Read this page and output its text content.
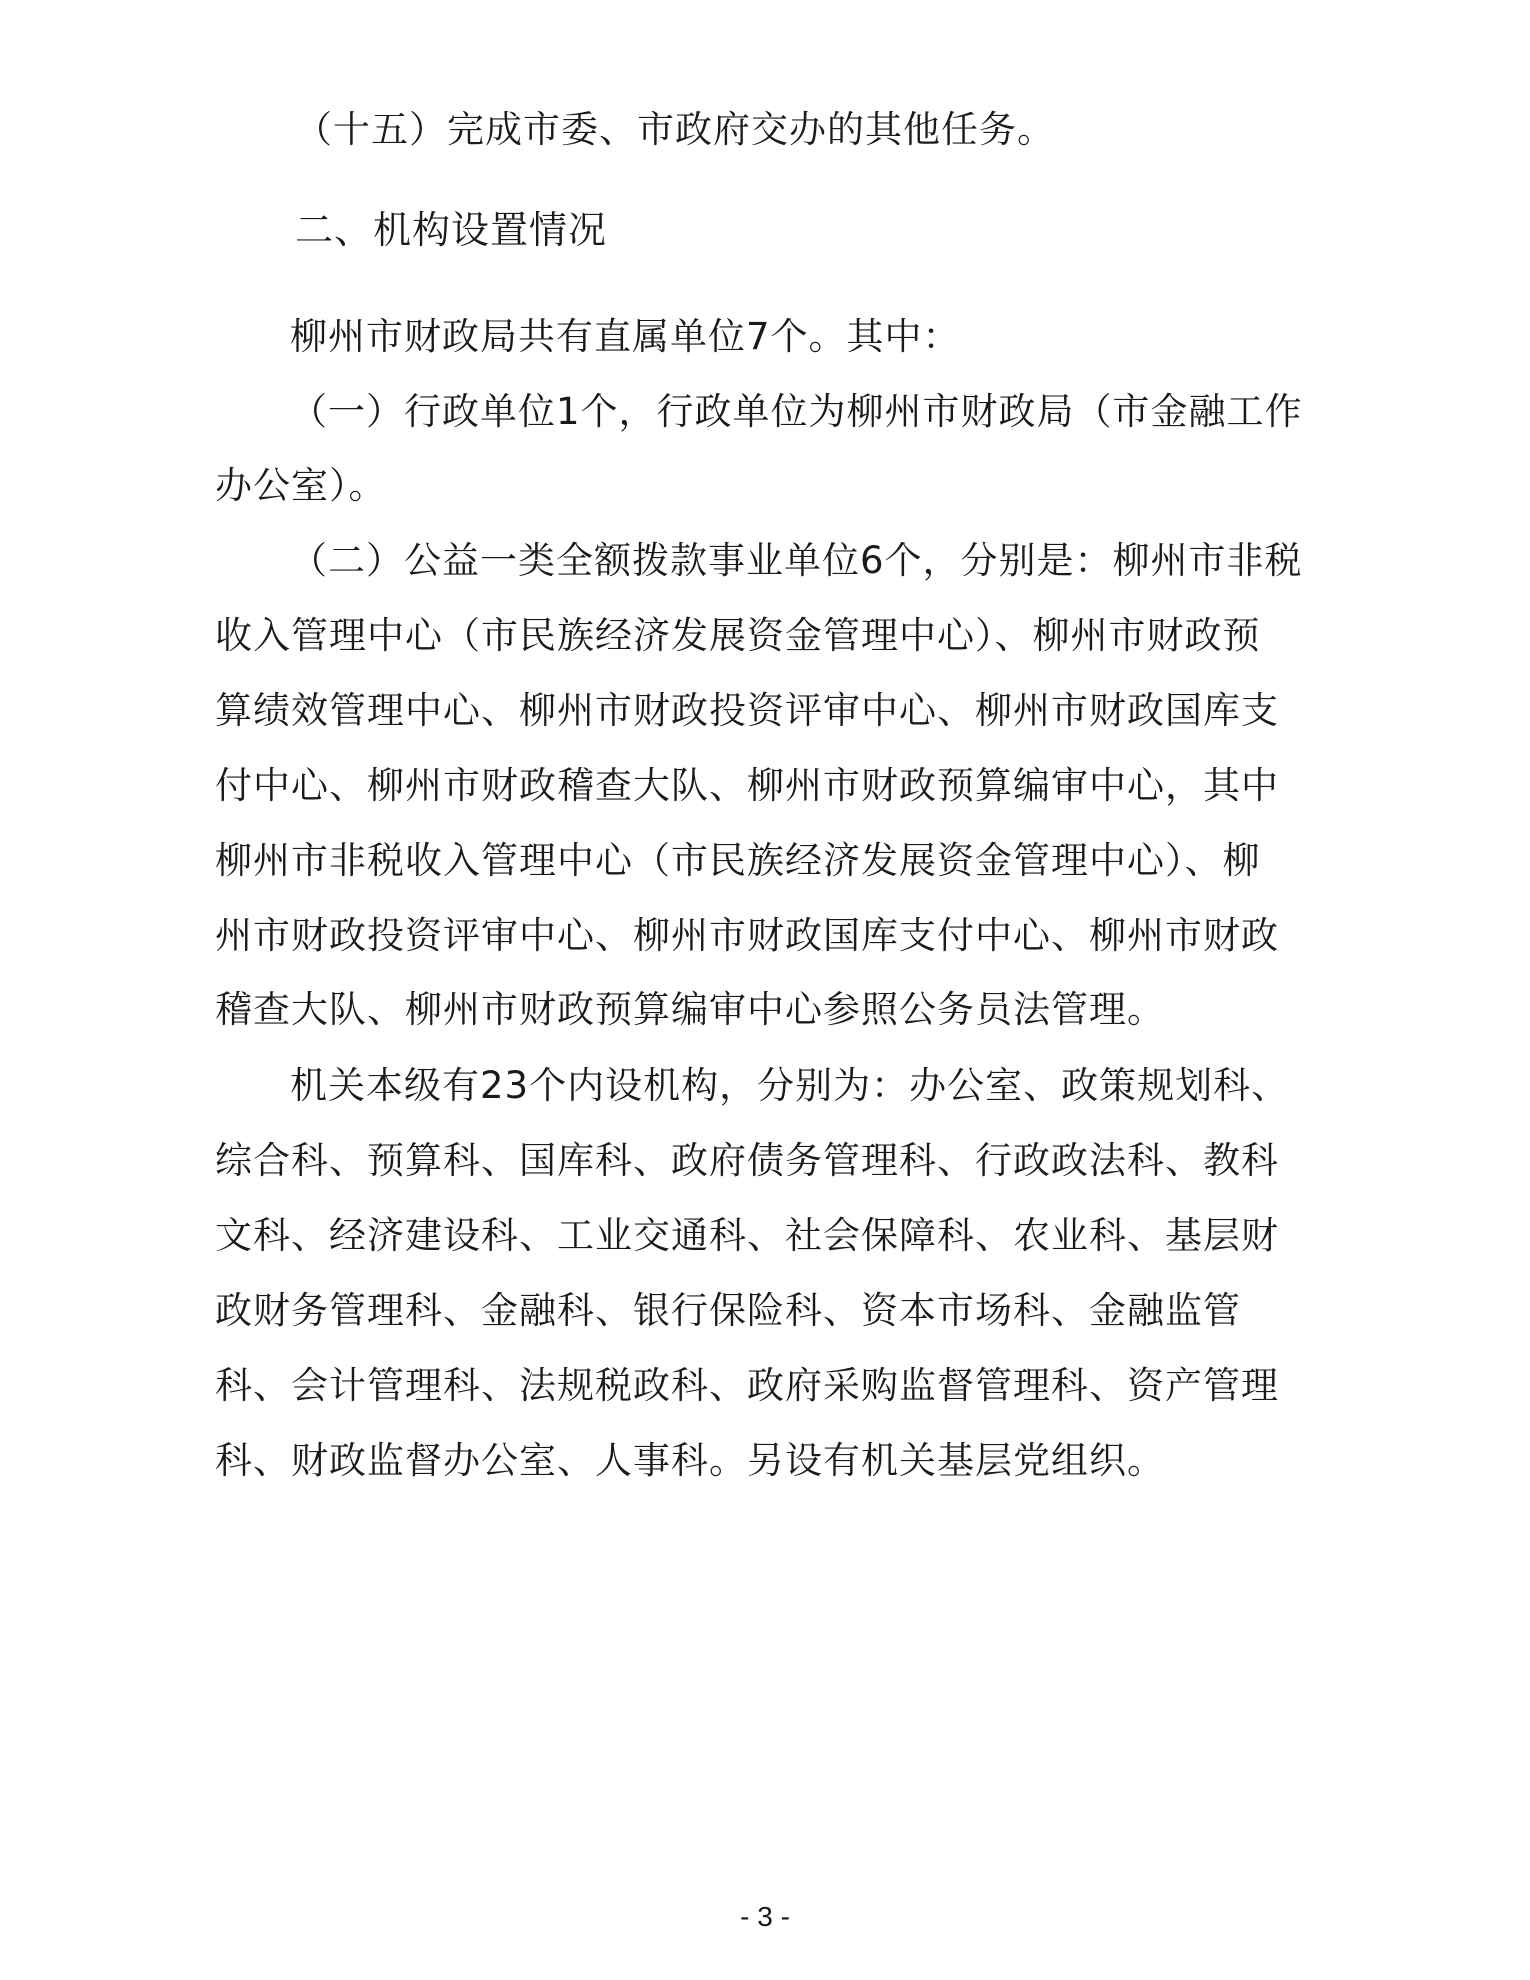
（十五）完成市委、市政府交办的其他任务。
二、机构设置情况
柳州市财政局共有直属单位7个。其中：
（一）行政单位1个，行政单位为柳州市财政局（市金融工作
办公室）。
（二）公益一类全额拨款事业单位6个，分别是：柳州市非税
收入管理中心（市民族经济发展资金管理中心）、柳州市财政预
算绩效管理中心、柳州市财政投资评审中心、柳州市财政国库支
付中心、柳州市财政稽查大队、柳州市财政预算编审中心，其中
柳州市非税收入管理中心（市民族经济发展资金管理中心）、柳
州市财政投资评审中心、柳州市财政国库支付中心、柳州市财政
稽查大队、柳州市财政预算编审中心参照公务员法管理。
机关本级有23个内设机构，分别为：办公室、政策规划科、
综合科、预算科、国库科、政府债务管理科、行政政法科、教科
文科、经济建设科、工业交通科、社会保障科、农业科、基层财
政财务管理科、金融科、银行保险科、资本市场科、金融监管
科、会计管理科、法规税政科、政府采购监督管理科、资产管理
科、财政监督办公室、人事科。另设有机关基层党组织。
- 3 -
